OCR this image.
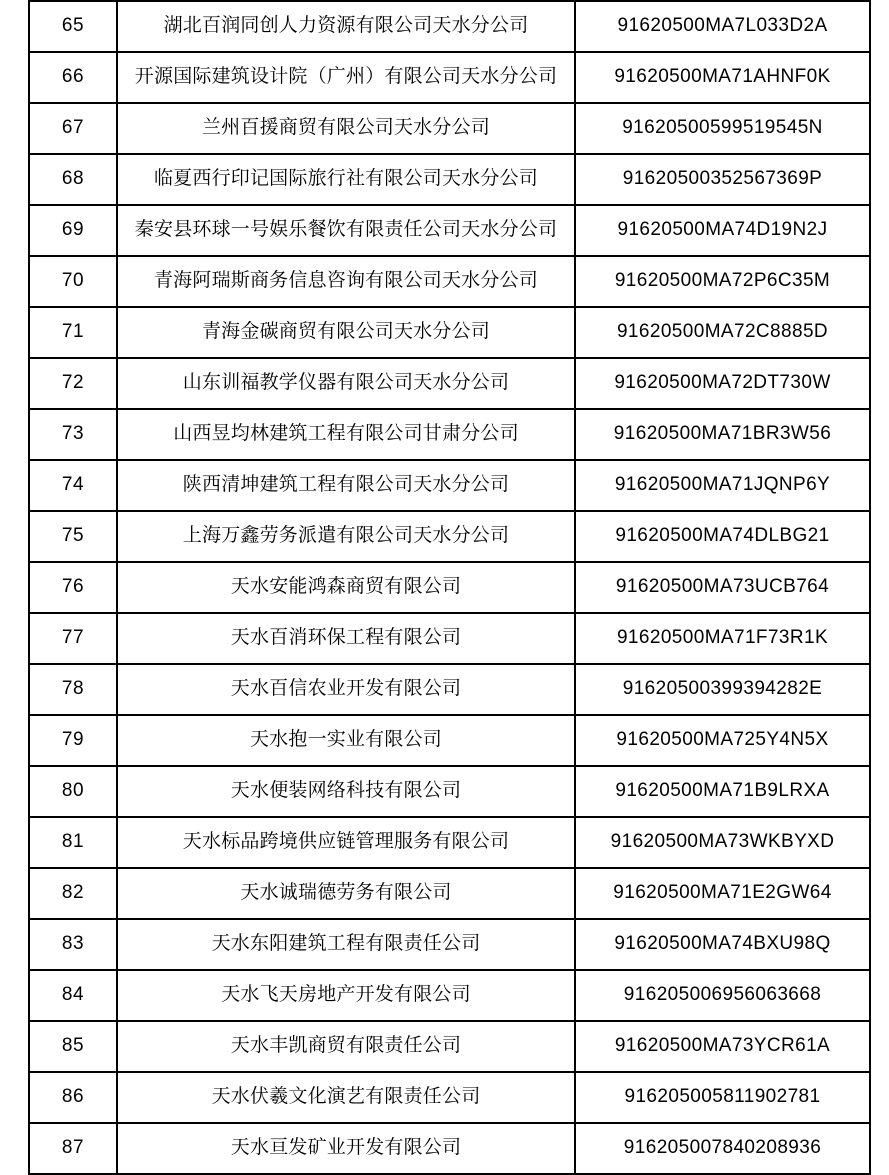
65	湖北百润同创人力资源有限公司天水分公司	91620500MA7L033D2A
66	开源国际建筑设计院（广州）有限公司天水分公司	91620500MA71AHNF0K
67	兰州百援商贸有限公司天水分公司	91620500599519545N
68	临夏西行印记国际旅行社有限公司天水分公司	91620500352567369P
69	秦安县环球一号娱乐餐饮有限责任公司天水分公司	91620500MA74D19N2J
70	青海阿瑞斯商务信息咨询有限公司天水分公司	91620500MA72P6C35M
71	青海金碳商贸有限公司天水分公司	91620500MA72C8885D
72	山东训福教学仪器有限公司天水分公司	91620500MA72DT730W
73	山西昱均林建筑工程有限公司甘肃分公司	91620500MA71BR3W56
74	陕西清坤建筑工程有限公司天水分公司	91620500MA71JQNP6Y
75	上海万鑫劳务派遣有限公司天水分公司	91620500MA74DLBG21
76	天水安能鸿森商贸有限公司	91620500MA73UCB764
77	天水百消环保工程有限公司	91620500MA71F73R1K
78	天水百信农业开发有限公司	91620500399394282E
79	天水抱一实业有限公司	91620500MA725Y4N5X
80	天水便装网络科技有限公司	91620500MA71B9LRXA
81	天水标品跨境供应链管理服务有限公司	91620500MA73WKBYXD
82	天水诚瑞德劳务有限公司	91620500MA71E2GW64
83	天水东阳建筑工程有限责任公司	91620500MA74BXU98Q
84	天水飞天房地产开发有限公司	916205006956063668
85	天水丰凯商贸有限责任公司	91620500MA73YCR61A
86	天水伏羲文化演艺有限责任公司	916205005811902781
87	天水亘发矿业开发有限公司	916205007840208936
